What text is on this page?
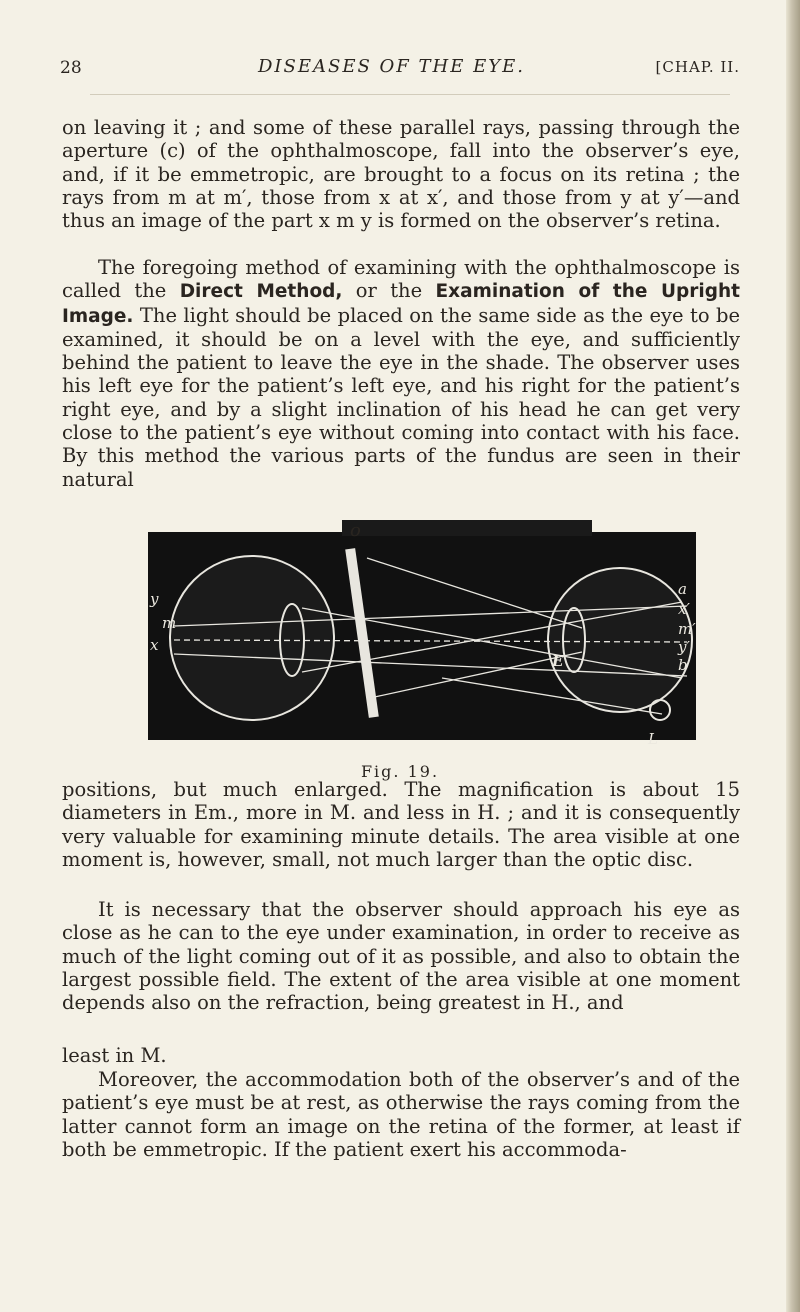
28	DISEASES OF THE EYE.	[CHAP. II.

on leaving it ; and some of these parallel rays, passing through the aperture (c) of the ophthalmoscope, fall into the observer’s eye, and, if it be emmetropic, are brought to a focus on its retina ; the rays from m at m′, those from x at x′, and those from y at y′—and thus an image of the part x m y is formed on the observer’s retina.

The foregoing method of examining with the ophthalmoscope is called the Direct Method, or the Examination of the Upright Image. The light should be placed on the same side as the eye to be examined, it should be on a level with the eye, and sufficiently behind the patient to leave the eye in the shade. The observer uses his left eye for the patient’s left eye, and his right for the patient’s right eye, and by a slight inclination of his head he can get very close to the patient’s eye without coming into contact with his face. By this method the various parts of the fundus are seen in their natural

o
y
m
x
a
x′
m′
y′
b
E
L
Fig. 19.

positions, but much enlarged. The magnification is about 15 diameters in Em., more in M. and less in H. ; and it is consequently very valuable for examining minute details. The area visible at one moment is, however, small, not much larger than the optic disc.

It is necessary that the observer should approach his eye as close as he can to the eye under examination, in order to receive as much of the light coming out of it as possible, and also to obtain the largest possible field. The extent of the area visible at one moment depends also on the refraction, being greatest in H., and

least in M.

Moreover, the accommodation both of the observer’s and of the patient’s eye must be at rest, as otherwise the rays coming from the latter cannot form an image on the retina of the former, at least if both be emmetropic. If the patient exert his accommoda-
